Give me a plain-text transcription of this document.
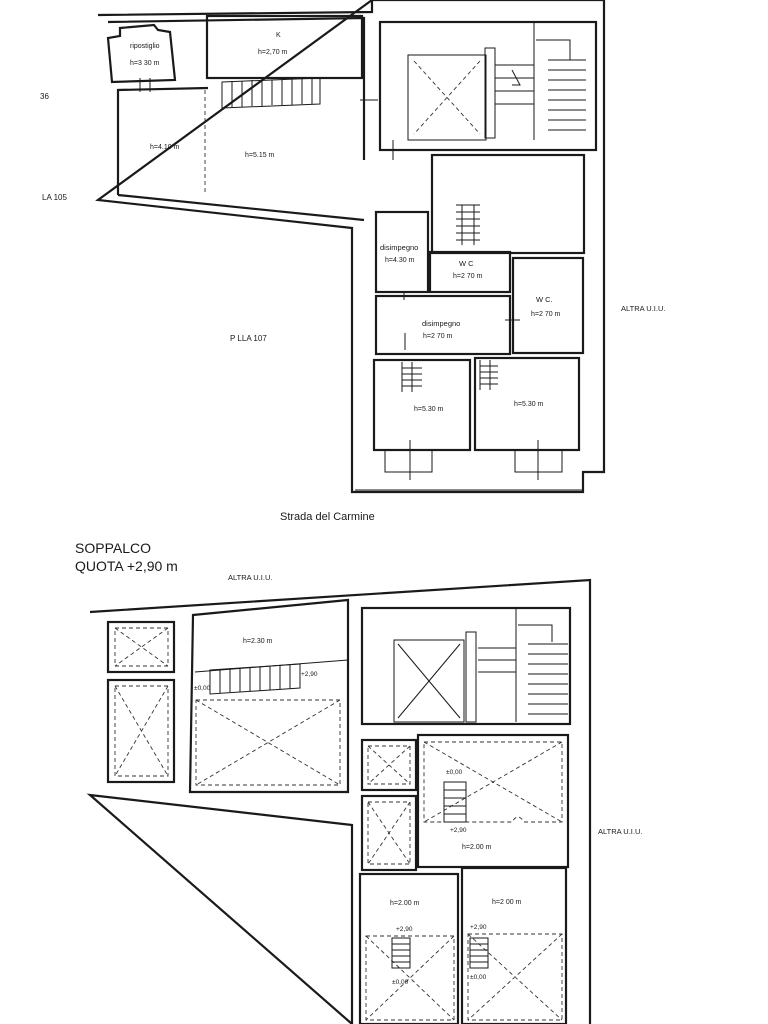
36
LA 105
P LLA 107
ALTRA U.I.U.
Strada del Carmine
ripostiglio
h=3 30 m
K
h=2,70 m
h=4.10 m
h=5.15 m
disimpegno
h=4.30 m	W C
h=2 70 m
W C.
h=2 70 m
disimpegno
h=2 70 m
h=5.30 m
h=5.30 m
SOPPALCO
QUOTA +2,90 m
ALTRA U.I.U.
ALTRA U.I.U.
h=2.30 m
+2,90
±0,00
±0,00
+2,90
h=2.00 m
h=2.00 m	h=2 00 m
+2,90	+2,90
±0,00
±0,00
